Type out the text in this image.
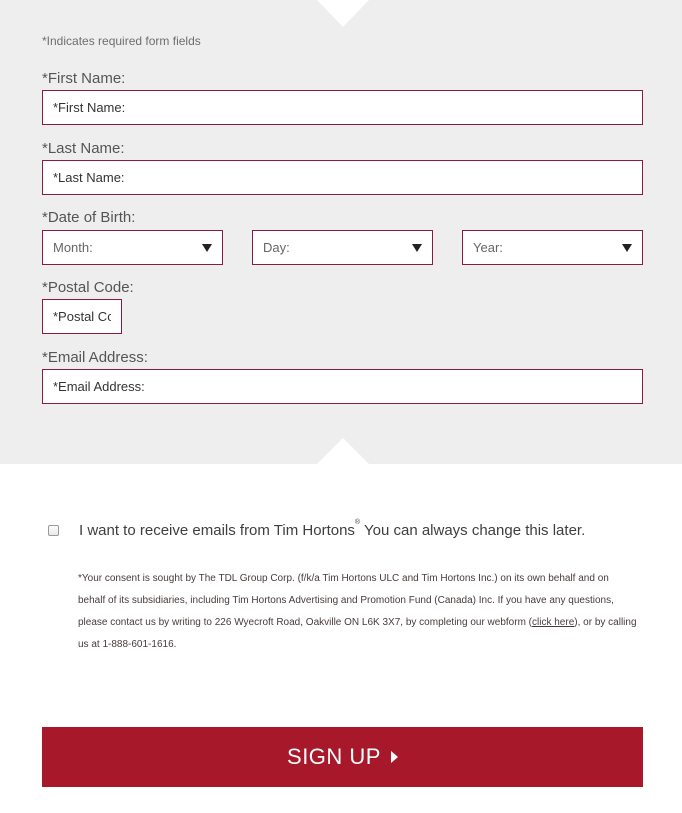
*Indicates required form fields
*First Name:
*First Name:
*Last Name:
*Last Name:
*Date of Birth:
Month:	Day:	Year:
*Postal Code:
*Postal Code:
*Email Address:
*Email Address:
I want to receive emails from Tim Hortons® You can always change this later.
*Your consent is sought by The TDL Group Corp. (f/k/a Tim Hortons ULC and Tim Hortons Inc.) on its own behalf and on behalf of its subsidiaries, including Tim Hortons Advertising and Promotion Fund (Canada) Inc. If you have any questions, please contact us by writing to 226 Wyecroft Road, Oakville ON L6K 3X7, by completing our webform (click here), or by calling us at 1-888-601-1616.
SIGN UP
